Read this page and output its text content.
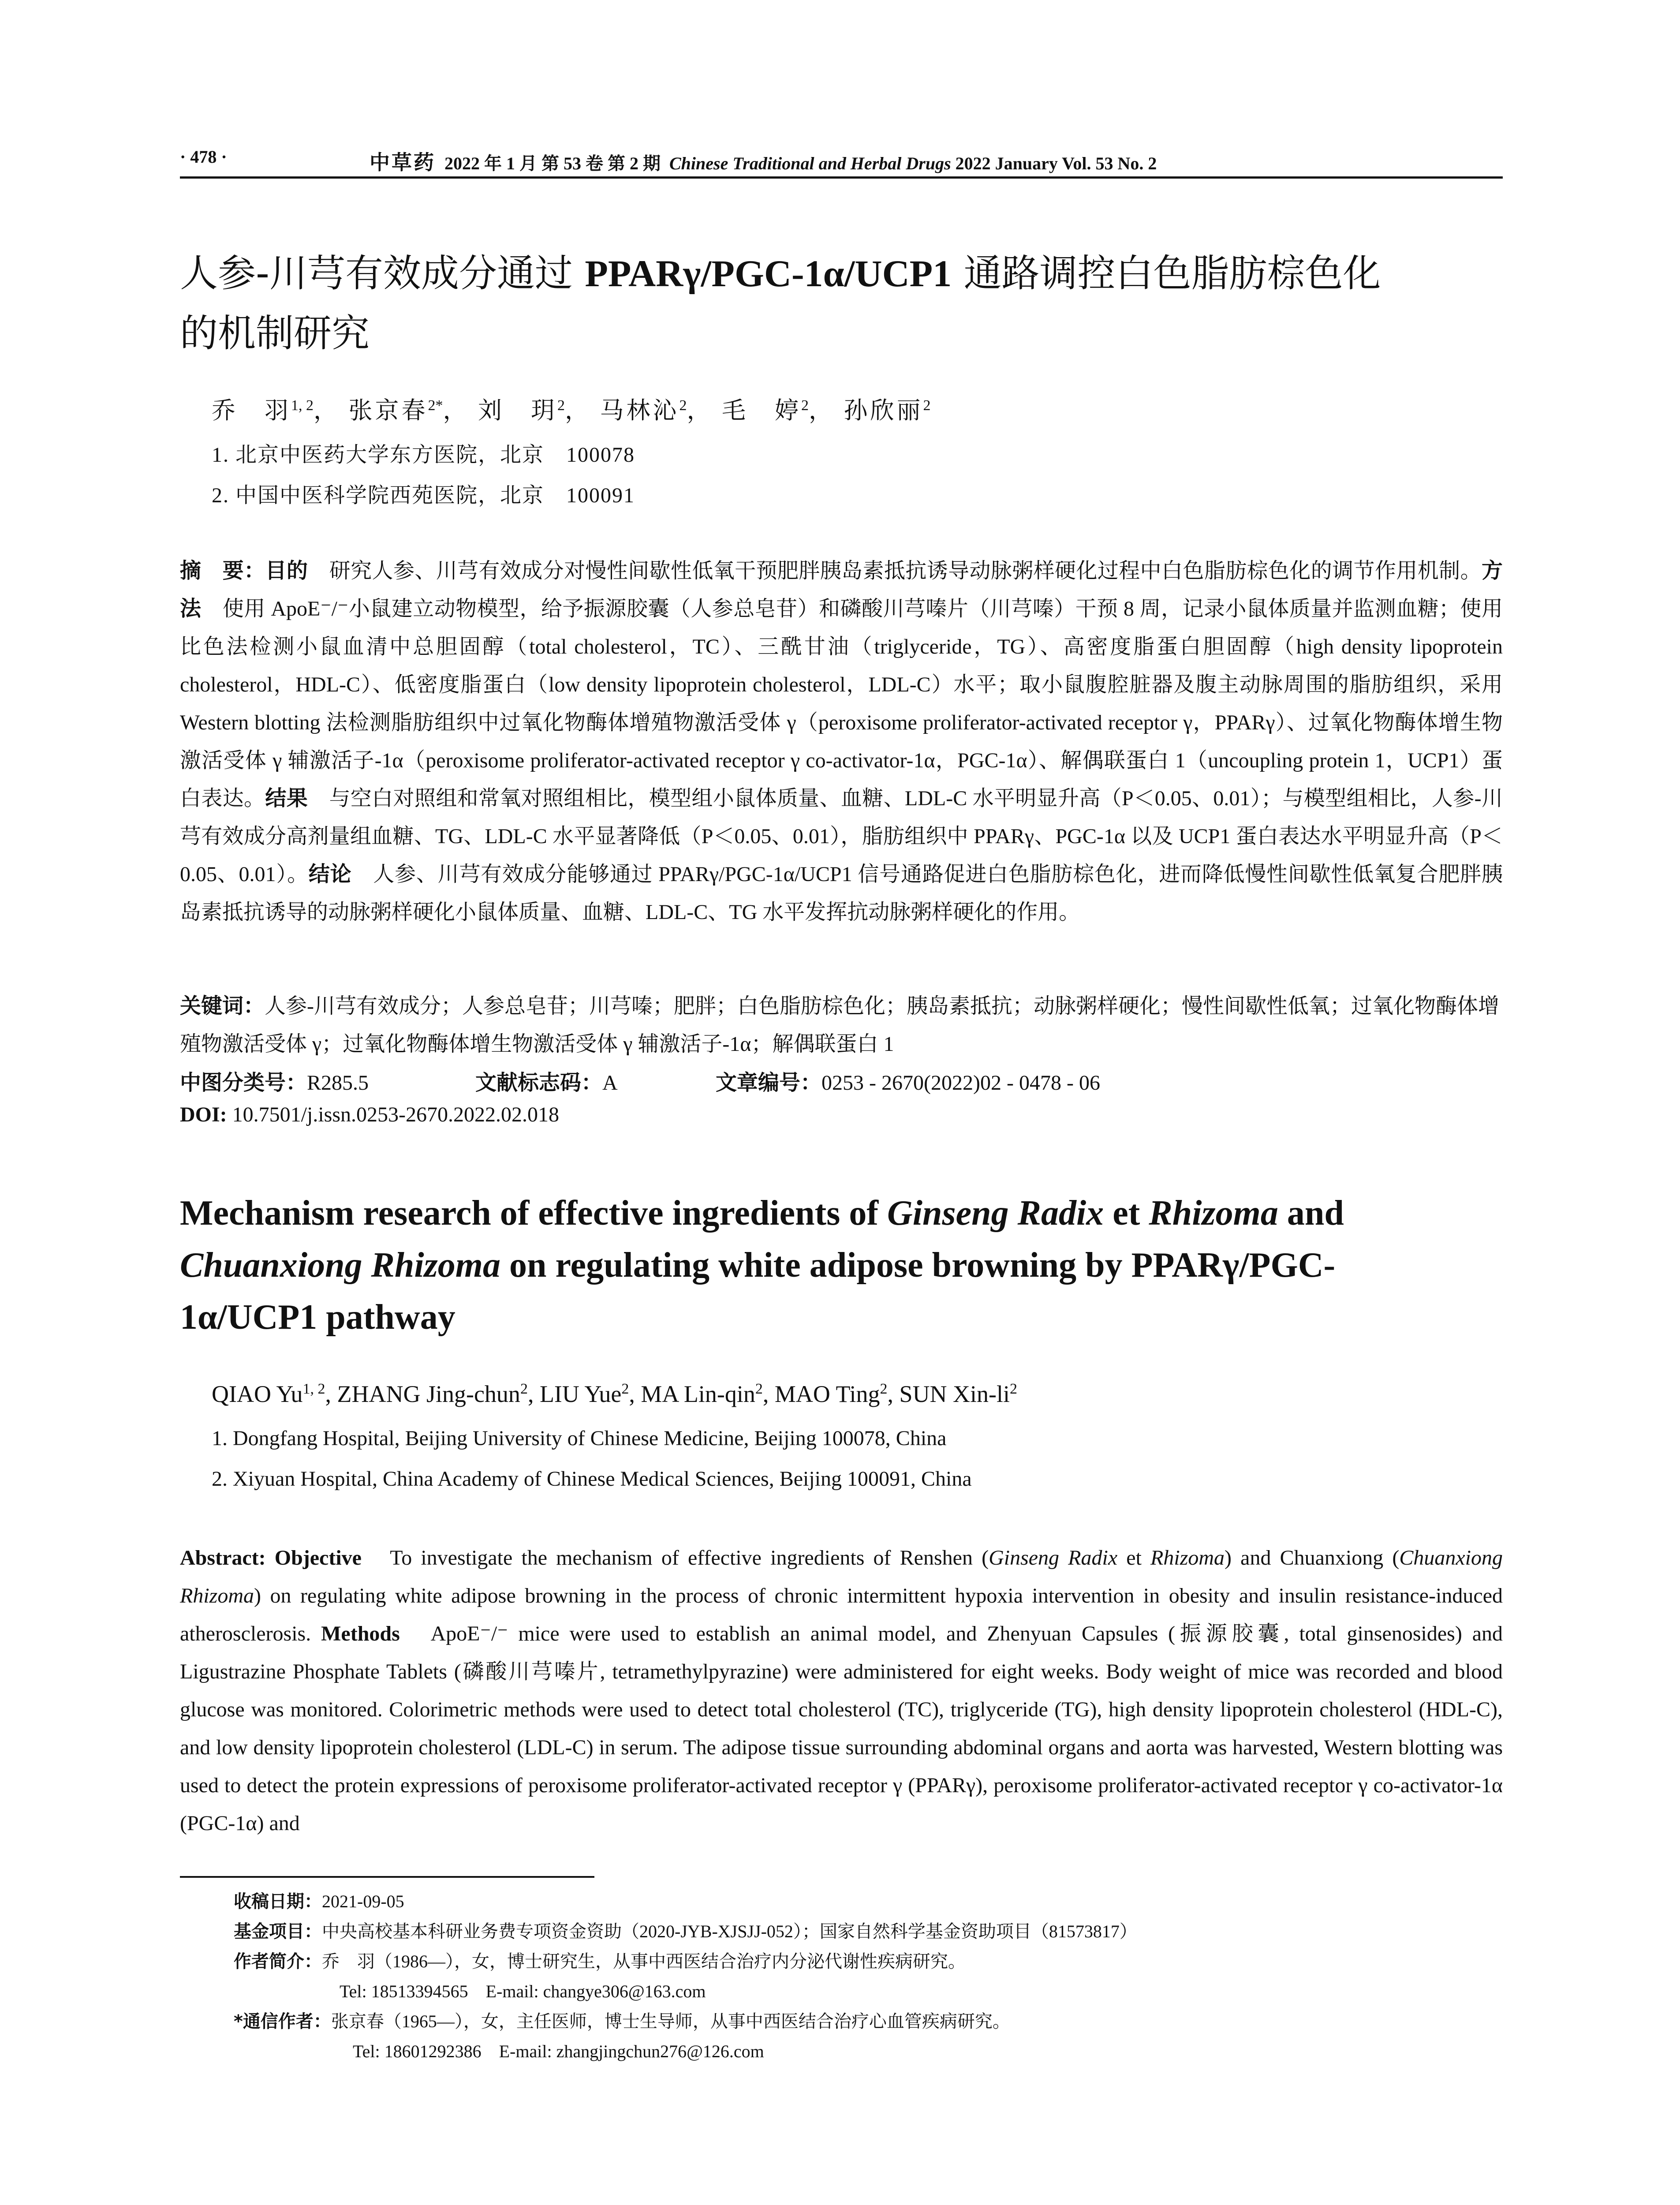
· 478 ·	中草药 2022 年 1 月 第 53 卷 第 2 期 Chinese Traditional and Herbal Drugs 2022 January Vol. 53 No. 2
人参-川芎有效成分通过 PPARγ/PGC-1α/UCP1 通路调控白色脂肪棕色化
的机制研究
乔　羽$^{1, 2}$， 张京春$^{2*}$， 刘　玥$^2$， 马林沁$^2$， 毛　婷$^2$， 孙欣丽$^2$
1. 北京中医药大学东方医院，北京　100078
2. 中国中医科学院西苑医院，北京　100091
摘　要：目的　研究人参、川芎有效成分对慢性间歇性低氧干预肥胖胰岛素抵抗诱导动脉粥样硬化过程中白色脂肪棕色化的调节作用机制。方法　使用 ApoE⁻/⁻小鼠建立动物模型，给予振源胶囊（人参总皂苷）和磷酸川芎嗪片（川芎嗪）干预 8 周，记录小鼠体质量并监测血糖；使用比色法检测小鼠血清中总胆固醇（total cholesterol，TC）、三酰甘油（triglyceride，TG）、高密度脂蛋白胆固醇（high density lipoprotein cholesterol，HDL-C）、低密度脂蛋白（low density lipoprotein cholesterol，LDL-C）水平；取小鼠腹腔脏器及腹主动脉周围的脂肪组织，采用 Western blotting 法检测脂肪组织中过氧化物酶体增殖物激活受体 γ（peroxisome proliferator-activated receptor γ，PPARγ）、过氧化物酶体增生物激活受体 γ 辅激活子-1α（peroxisome proliferator-activated receptor γ co-activator-1α，PGC-1α）、解偶联蛋白 1（uncoupling protein 1，UCP1）蛋白表达。结果　与空白对照组和常氧对照组相比，模型组小鼠体质量、血糖、LDL-C 水平明显升高（P＜0.05、0.01）；与模型组相比，人参-川芎有效成分高剂量组血糖、TG、LDL-C 水平显著降低（P＜0.05、0.01），脂肪组织中 PPARγ、PGC-1α 以及 UCP1 蛋白表达水平明显升高（P＜0.05、0.01）。结论　人参、川芎有效成分能够通过 PPARγ/PGC-1α/UCP1 信号通路促进白色脂肪棕色化，进而降低慢性间歇性低氧复合肥胖胰岛素抵抗诱导的动脉粥样硬化小鼠体质量、血糖、LDL-C、TG 水平发挥抗动脉粥样硬化的作用。
关键词：人参-川芎有效成分；人参总皂苷；川芎嗪；肥胖；白色脂肪棕色化；胰岛素抵抗；动脉粥样硬化；慢性间歇性低氧；过氧化物酶体增殖物激活受体 γ；过氧化物酶体增生物激活受体 γ 辅激活子-1α；解偶联蛋白 1
中图分类号：R285.5	文献标志码：A	文章编号：0253 - 2670(2022)02 - 0478 - 06
DOI: 10.7501/j.issn.0253-2670.2022.02.018
Mechanism research of effective ingredients of Ginseng Radix et Rhizoma and
Chuanxiong Rhizoma on regulating white adipose browning by PPARγ/PGC-
1α/UCP1 pathway
QIAO Yu$^{1, 2}$, ZHANG Jing-chun$^2$, LIU Yue$^2$, MA Lin-qin$^2$, MAO Ting$^2$, SUN Xin-$li^2$
1. Dongfang Hospital, Beijing University of Chinese Medicine, Beijing 100078, China
2. Xiyuan Hospital, China Academy of Chinese Medical Sciences, Beijing 100091, China
Abstract: Objective　To investigate the mechanism of effective ingredients of Renshen (Ginseng Radix et Rhizoma) and Chuanxiong (Chuanxiong Rhizoma) on regulating white adipose browning in the process of chronic intermittent hypoxia intervention in obesity and insulin resistance-induced atherosclerosis. Methods　ApoE⁻/⁻ mice were used to establish an animal model, and Zhenyuan Capsules (振源胶囊, total ginsenosides) and Ligustrazine Phosphate Tablets (磷酸川芎嗪片, tetramethylpyrazine) were administered for eight weeks. Body weight of mice was recorded and blood glucose was monitored. Colorimetric methods were used to detect total cholesterol (TC), triglyceride (TG), high density lipoprotein cholesterol (HDL-C), and low density lipoprotein cholesterol (LDL-C) in serum. The adipose tissue surrounding abdominal organs and aorta was harvested, Western blotting was used to detect the protein expressions of peroxisome proliferator-activated receptor γ (PPARγ), peroxisome proliferator-activated receptor γ co-activator-1α (PGC-1α) and
收稿日期：2021-09-05
基金项目：中央高校基本科研业务费专项资金资助（2020-JYB-XJSJJ-052）；国家自然科学基金资助项目（81573817）
作者简介：乔　羽（1986—），女，博士研究生，从事中西医结合治疗内分泌代谢性疾病研究。
Tel: 18513394565　E-mail: changye306@163.com
*通信作者：张京春（1965—），女，主任医师，博士生导师，从事中西医结合治疗心血管疾病研究。
Tel: 18601292386　E-mail: zhangjingchun276@126.com
